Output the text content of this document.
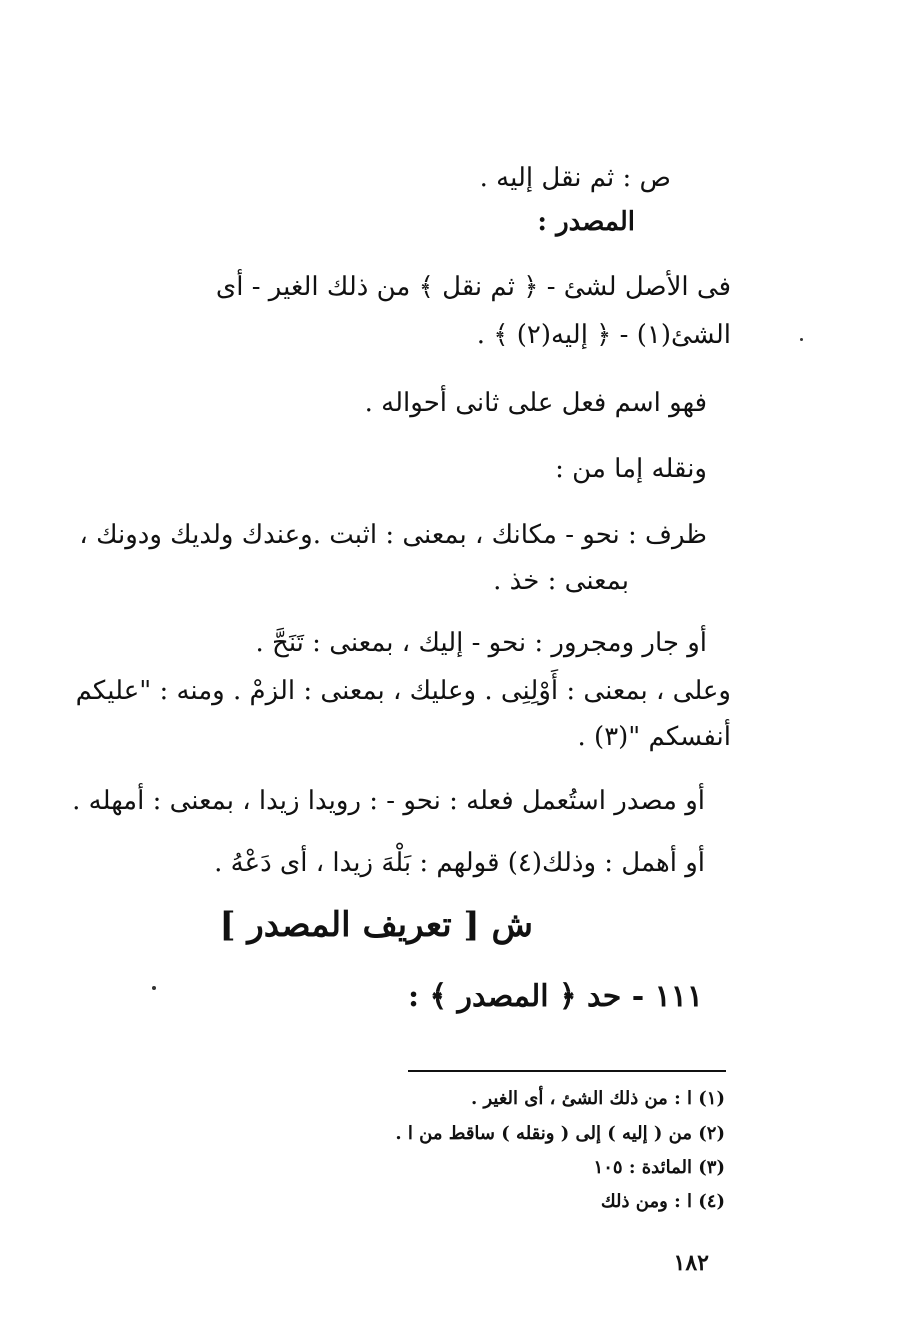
ص : ثم نقل إليه .
المصدر :
فى الأصل لشئ - ﴿ ثم نقل ﴾ من ذلك الغير - أى
الشئ(١) - ﴿ إليه(٢) ﴾ .
فهو اسم فعل على ثانى أحواله .
ونقله إما من :
ظرف : نحو - مكانك ، بمعنى : اثبت .وعندك ولديك ودونك ،
بمعنى : خذ .
أو جار ومجرور : نحو - إليك ، بمعنى : تَنَحَّ .
وعلى ، بمعنى : أَوْلِنِى . وعليك ، بمعنى : الزمْ . ومنه : "عليكم
أنفسكم "(٣) .
أو مصدر استُعمل فعله : نحو - : رويدا زيدا ، بمعنى : أمهله .
أو أهمل : وذلك(٤) قولهم : بَلْهَ زيدا ، أى دَعْهُ .
ش [ تعريف المصدر ]
١١١ - حد ﴿ المصدر ﴾ :
(١) ا : من ذلك الشئ ، أى الغير .
(٢) من ( إليه ) إلى ( ونقله ) ساقط من ا .
(٣) المائدة : ١٠٥
(٤) ا : ومن ذلك
١٨٢
